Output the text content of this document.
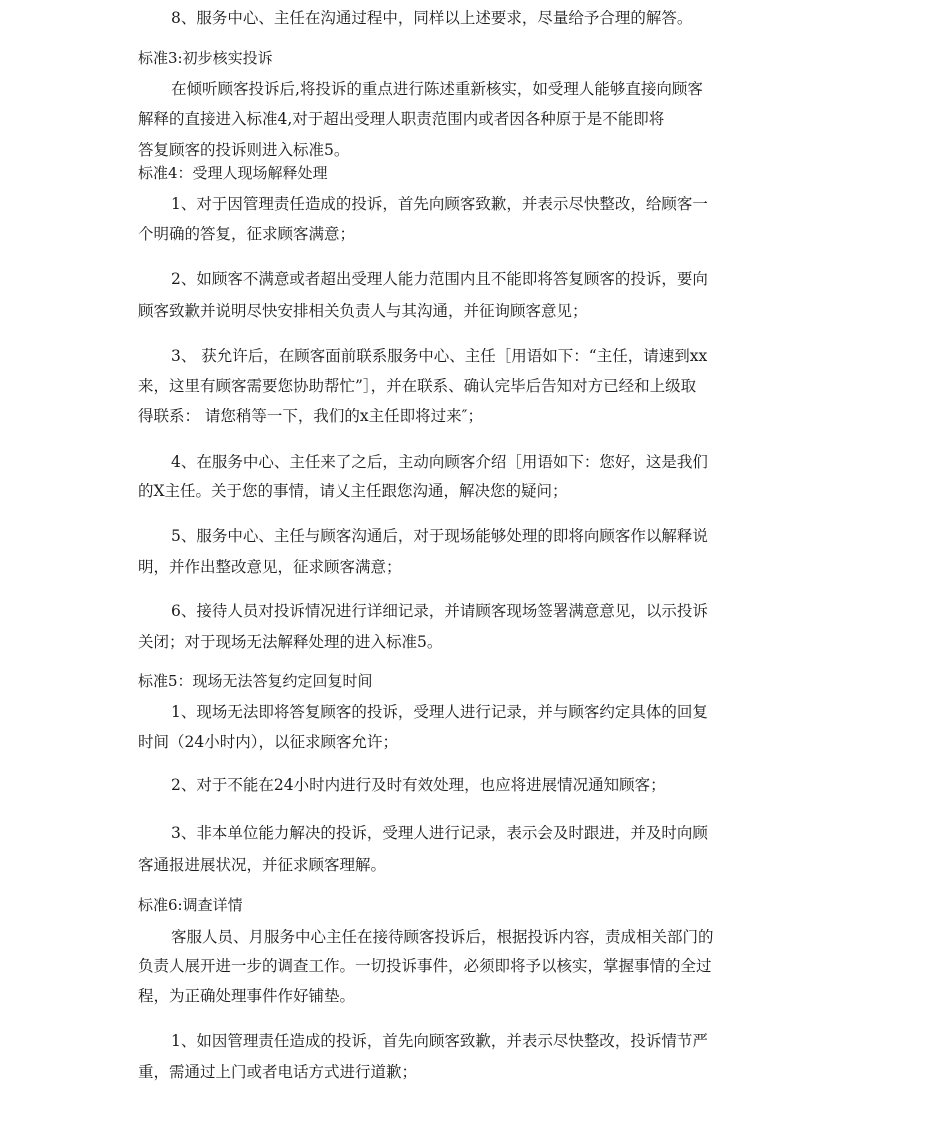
8、服务中心、主任在沟通过程中，同样以上述要求，尽量给予合理的解答。
标准3:初步核实投诉
在倾听顾客投诉后,将投诉的重点进行陈述重新核实，如受理人能够直接向顾客
解释的直接进入标准4,对于超出受理人职责范围内或者因各种原于是不能即将
答复顾客的投诉则进入标准5。
标准4：受理人现场解释处理
1、对于因管理责任造成的投诉，首先向顾客致歉，并表示尽快整改，给顾客一
个明确的答复，征求顾客满意；
2、如顾客不满意或者超出受理人能力范围内且不能即将答复顾客的投诉，要向
顾客致歉并说明尽快安排相关负责人与其沟通，并征询顾客意见；
3、 获允许后，在顾客面前联系服务中心、主任［用语如下：“主任，请速到xx
来，这里有顾客需要您协助帮忙”］，并在联系、确认完毕后告知对方已经和上级取
得联系： 请您稍等一下，我们的x主任即将过来″；
4、在服务中心、主任来了之后，主动向顾客介绍［用语如下：您好，这是我们
的X主任。关于您的事情，请乂主任跟您沟通，解决您的疑问；
5、服务中心、主任与顾客沟通后，对于现场能够处理的即将向顾客作以解释说
明，并作出整改意见，征求顾客满意；
6、接待人员对投诉情况进行详细记录，并请顾客现场签署满意意见，以示投诉
关闭；对于现场无法解释处理的进入标准5。
标准5：现场无法答复约定回复时间
1、现场无法即将答复顾客的投诉，受理人进行记录，并与顾客约定具体的回复
时间（24小时内），以征求顾客允许；
2、对于不能在24小时内进行及时有效处理，也应将进展情况通知顾客；
3、非本单位能力解决的投诉，受理人进行记录，表示会及时跟进，并及时向顾
客通报进展状况，并征求顾客理解。
标准6:调查详情
客服人员、月服务中心主任在接待顾客投诉后，根据投诉内容，责成相关部门的
负责人展开进一步的调查工作。一切投诉事件，必须即将予以核实，掌握事情的全过
程，为正确处理事件作好铺垫。
1、如因管理责任造成的投诉，首先向顾客致歉，并表示尽快整改，投诉情节严
重，需通过上门或者电话方式进行道歉；
